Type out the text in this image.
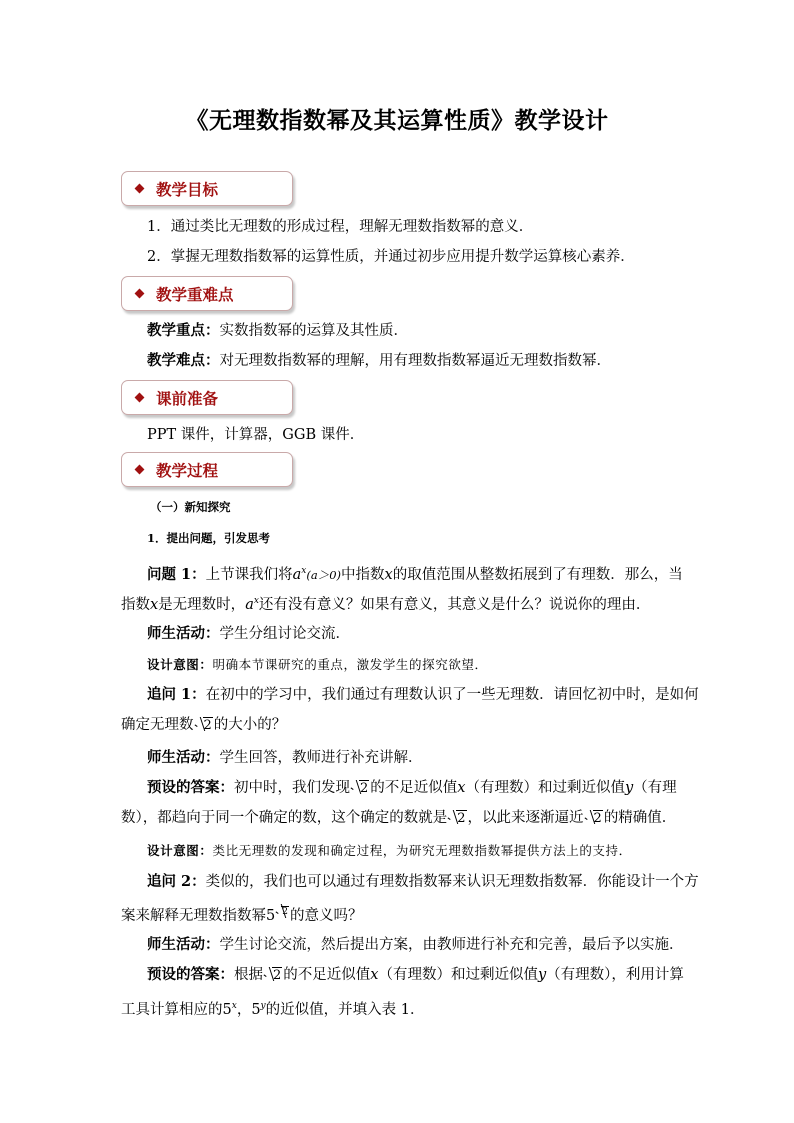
《无理数指数幂及其运算性质》教学设计
教学目标
1．通过类比无理数的形成过程，理解无理数指数幂的意义．
2．掌握无理数指数幂的运算性质，并通过初步应用提升数学运算核心素养．
教学重难点
教学重点：实数指数幂的运算及其性质．
教学难点：对无理数指数幂的理解，用有理数指数幂逼近无理数指数幂．
课前准备
PPT 课件，计算器，GGB 课件．
教学过程
（一）新知探究
1．提出问题，引发思考
问题 1：上节课我们将$a^x(a>0)$中指数x的取值范围从整数拓展到了有理数．那么，当
指数x是无理数时，$a^x$还有没有意义？如果有意义，其意义是什么？说说你的理由．
师生活动：学生分组讨论交流．
设计意图：明确本节课研究的重点，激发学生的探究欲望．
追问 1：在初中的学习中，我们通过有理数认识了一些无理数．请回忆初中时，是如何
确定无理数 2 的大小的？
师生活动：学生回答，教师进行补充讲解．
预设的答案：初中时，我们发现 2 的不足近似值x（有理数）和过剩近似值y（有理
数），都趋向于同一个确定的数，这个确定的数就是 2 ，以此来逐渐逼近 2 的精确值．
设计意图：类比无理数的发现和确定过程，为研究无理数指数幂提供方法上的支持．
追问 2：类似的，我们也可以通过有理数指数幂来认识无理数指数幂．你能设计一个方
案来解释无理数指数幂5 $^2$ 的意义吗？
师生活动：学生讨论交流，然后提出方案，由教师进行补充和完善，最后予以实施．
预设的答案：根据 2 的不足近似值x（有理数）和过剩近似值y（有理数），利用计算
工具计算相应的5$^x$，5$^y$的近似值，并填入表 1．
